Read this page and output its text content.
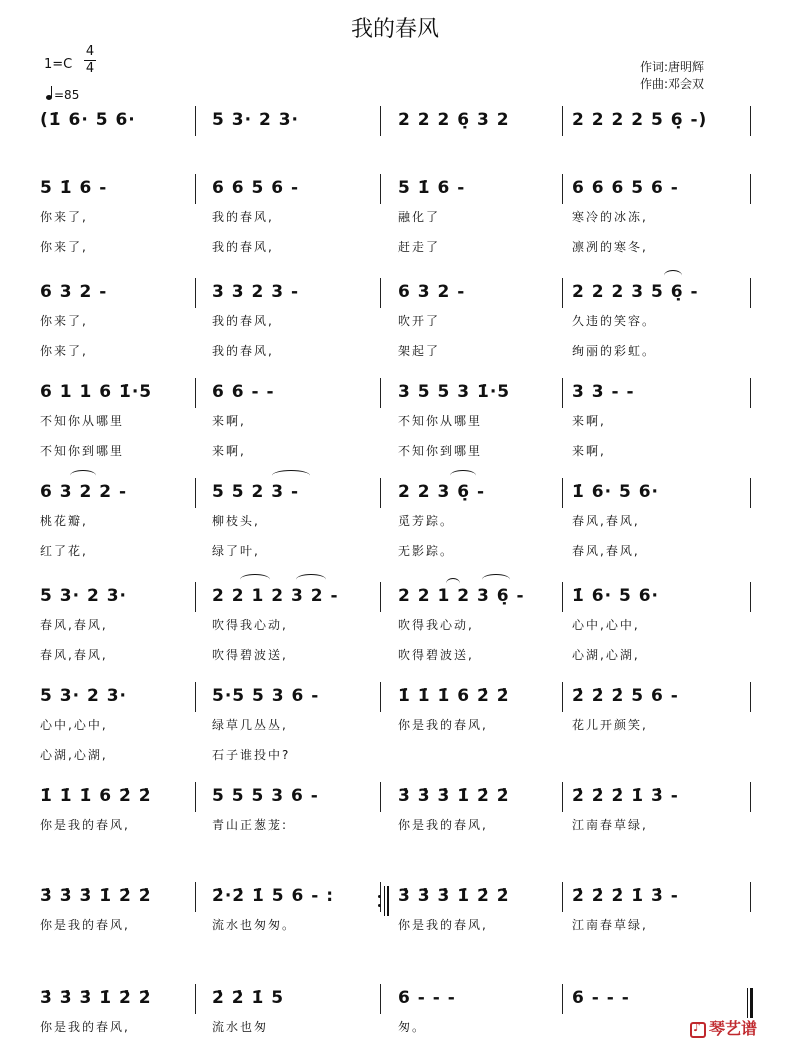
我的春风
1=C
4
4
=85
作词:唐明辉
作曲:邓会双
(1̇ 6· 5 6·	5 3· 2 3·	2 2 2 6̣ 3 2	2 2 2 2 5 6̣ -)
5 1̇ 6 -	6 6 5 6 -	5 1̇ 6 -	6 6 6 5 6 -
你来了,	我的春风,	融化了	寒冷的冰冻,
你来了,	我的春风,	赶走了	凛冽的寒冬,
6 3 2 -	3 3 2 3 -	6 3 2 -	2 2 2 3 5 6̣ -
你来了,	我的春风,	吹开了	久违的笑容。
你来了,	我的春风,	架起了	绚丽的彩虹。
6 1 1 6 1̇·5	6 6 - -	3 5 5 3 1̇·5	3 3 - -
不知你从哪里	来啊,	不知你从哪里	来啊,
不知你到哪里	来啊,	不知你到哪里	来啊,
6 3 2 2 -	5 5 2 3 -	2 2 3 6̣ -	1̇ 6· 5 6·
桃花瓣,	柳枝头,	觅芳踪。	春风,春风,
红了花,	绿了叶,	无影踪。	春风,春风,
5 3· 2 3·	2 2 1 2 3 2 -	2 2 1 2 3 6̣ -	1̇ 6· 5 6·
春风,春风,	吹得我心动,	吹得我心动,	心中,心中,
春风,春风,	吹得碧波送,	吹得碧波送,	心湖,心湖,
5 3· 2 3·	5·5 5 3 6 -	1̇ 1̇ 1̇ 6 2̇ 2̇	2̇ 2̇ 2̇ 5 6 -
心中,心中,	绿草几丛丛,	你是我的春风,	花儿开颜笑,
心湖,心湖,	石子谁投中?
1̇ 1̇ 1̇ 6 2̇ 2̇	5 5 5 3 6 -	3̇ 3̇ 3̇ 1̇ 2̇ 2̇	2̇ 2̇ 2̇ 1̇ 3̇ -
你是我的春风,	青山正葱茏:	你是我的春风,	江南春草绿,
3̇ 3̇ 3̇ 1̇ 2̇ 2̇	2̇·2̇ 1̇ 5 6 - :	3̇ 3̇ 3̇ 1̇ 2̇ 2̇	2̇ 2̇ 2̇ 1̇ 3̇ -
你是我的春风,	流水也匆匆。	你是我的春风,	江南春草绿,
3̇ 3̇ 3̇ 1̇ 2̇ 2̇	2̇ 2̇ 1̇ 5	6 - - -	6 - - -
你是我的春风,	流水也匆	匆。
♪	琴艺谱
